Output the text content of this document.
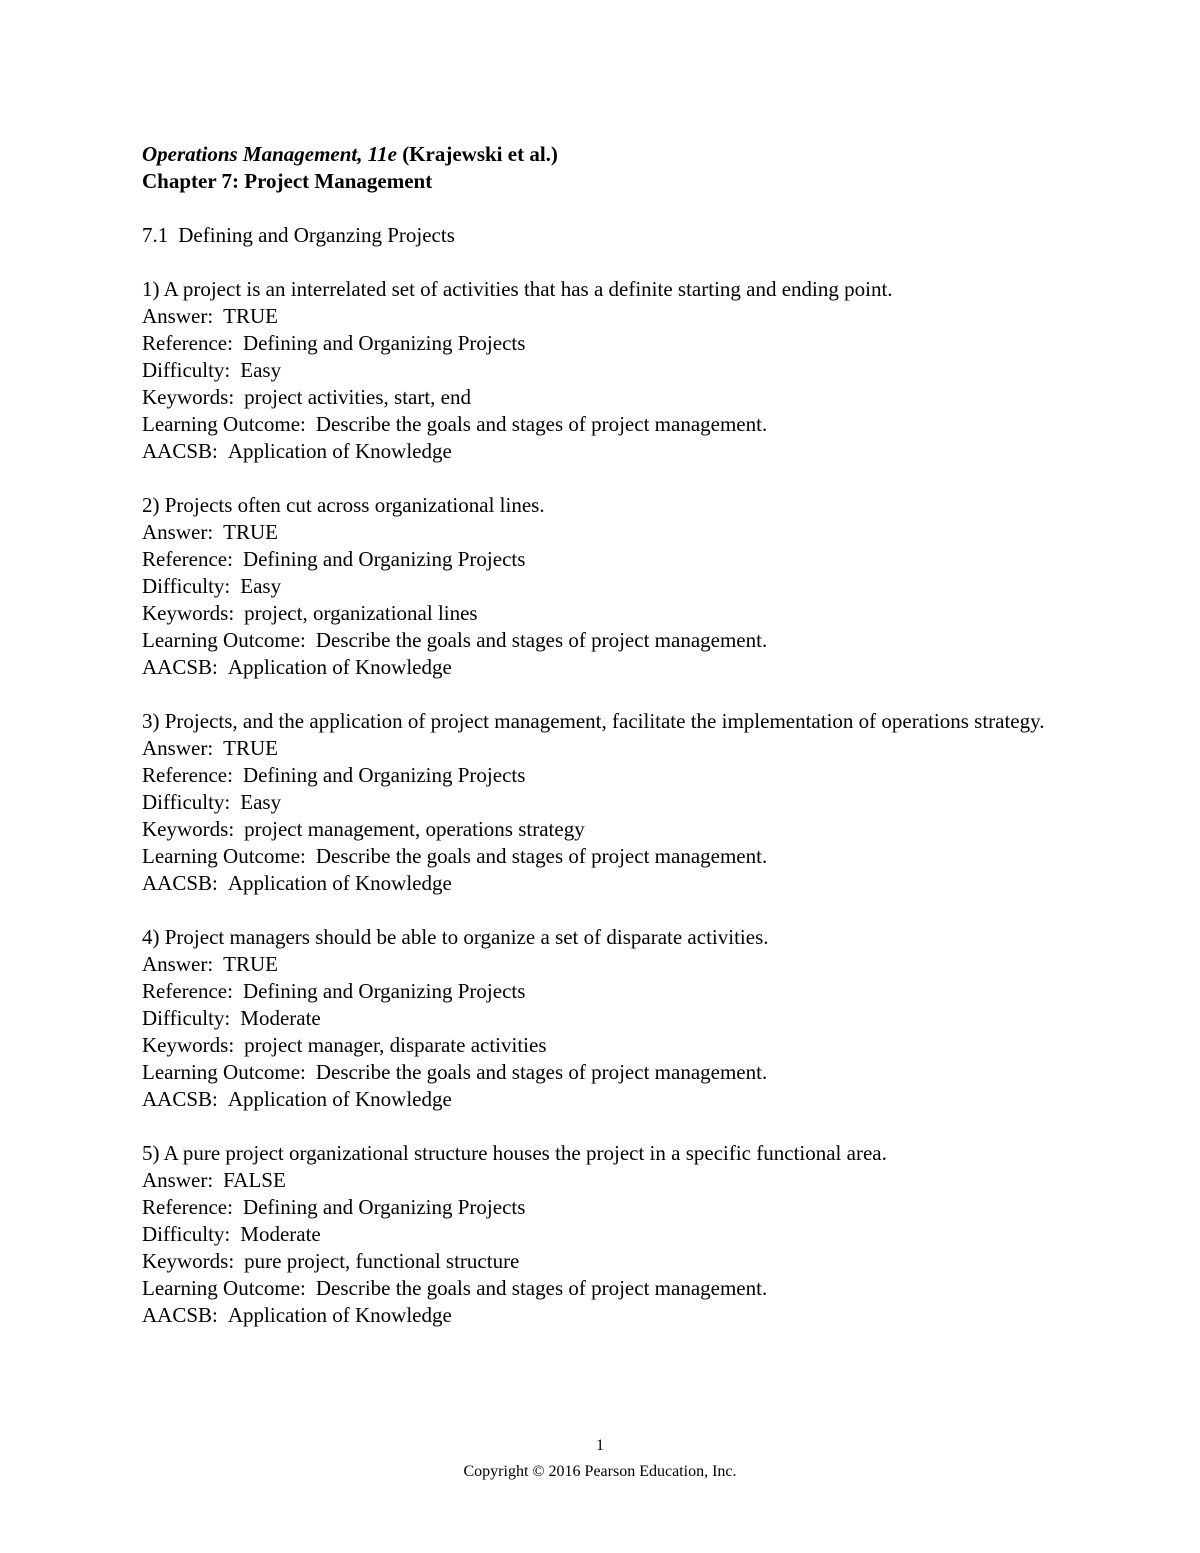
Operations Management, 11e (Krajewski et al.)

Chapter 7: Project Management

7.1 Defining and Organzing Projects

1) A project is an interrelated set of activities that has a definite starting and ending point.

Answer: TRUE

Reference: Defining and Organizing Projects

Difficulty: Easy

Keywords: project activities, start, end

Learning Outcome: Describe the goals and stages of project management.

AACSB: Application of Knowledge

2) Projects often cut across organizational lines.

Answer: TRUE

Reference: Defining and Organizing Projects

Difficulty: Easy

Keywords: project, organizational lines

Learning Outcome: Describe the goals and stages of project management.

AACSB: Application of Knowledge

3) Projects, and the application of project management, facilitate the implementation of operations strategy.

Answer: TRUE

Reference: Defining and Organizing Projects

Difficulty: Easy

Keywords: project management, operations strategy

Learning Outcome: Describe the goals and stages of project management.

AACSB: Application of Knowledge

4) Project managers should be able to organize a set of disparate activities.

Answer: TRUE

Reference: Defining and Organizing Projects

Difficulty: Moderate

Keywords: project manager, disparate activities

Learning Outcome: Describe the goals and stages of project management.

AACSB: Application of Knowledge

5) A pure project organizational structure houses the project in a specific functional area.

Answer: FALSE

Reference: Defining and Organizing Projects

Difficulty: Moderate

Keywords: pure project, functional structure

Learning Outcome: Describe the goals and stages of project management.

AACSB: Application of Knowledge

1
Copyright © 2016 Pearson Education, Inc.
